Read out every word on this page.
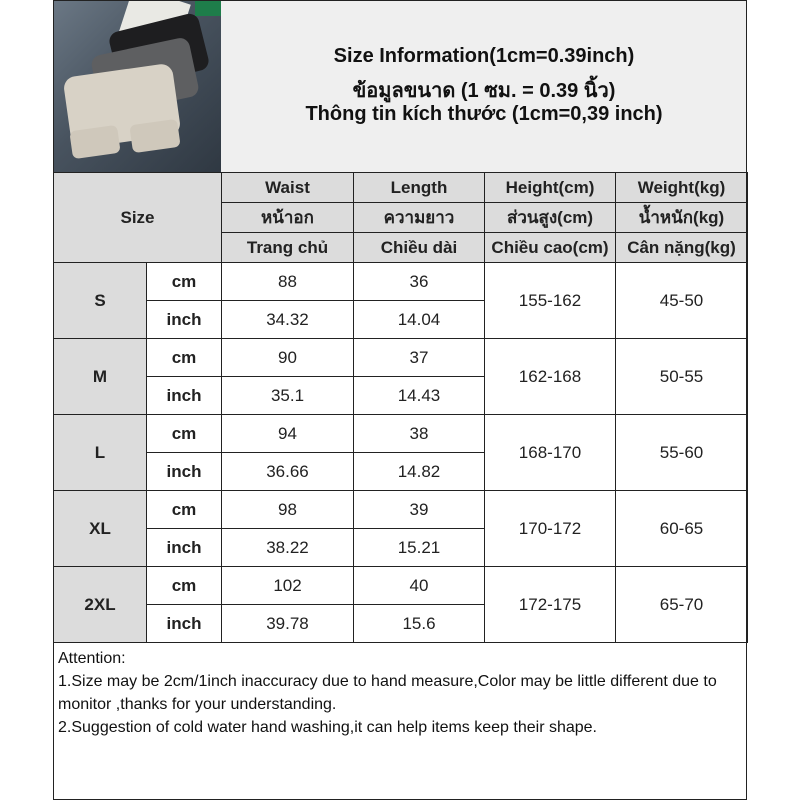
Size Information(1cm=0.39inch)
ข้อมูลขนาด (1 ซม. = 0.39 นิ้ว)
Thông tin kích thước (1cm=0,39 inch)
Size		Waist	Length	Height(cm)	Weight(kg)
		หน้าอก	ความยาว	ส่วนสูง(cm)	น้ำหนัก(kg)
		Trang chủ	Chiều dài	Chiều cao(cm)	Cân nặng(kg)
S	cm	88	36	155-162	45-50
	inch	34.32	14.04		
M	cm	90	37	162-168	50-55
	inch	35.1	14.43		
L	cm	94	38	168-170	55-60
	inch	36.66	14.82		
XL	cm	98	39	170-172	60-65
	inch	38.22	15.21		
2XL	cm	102	40	172-175	65-70
	inch	39.78	15.6		

Attention:

1.Size may be 2cm/1inch inaccuracy due to hand measure,Color may be little different due to monitor ,thanks for your understanding.

2.Suggestion of cold water hand washing,it can help items keep their shape.
